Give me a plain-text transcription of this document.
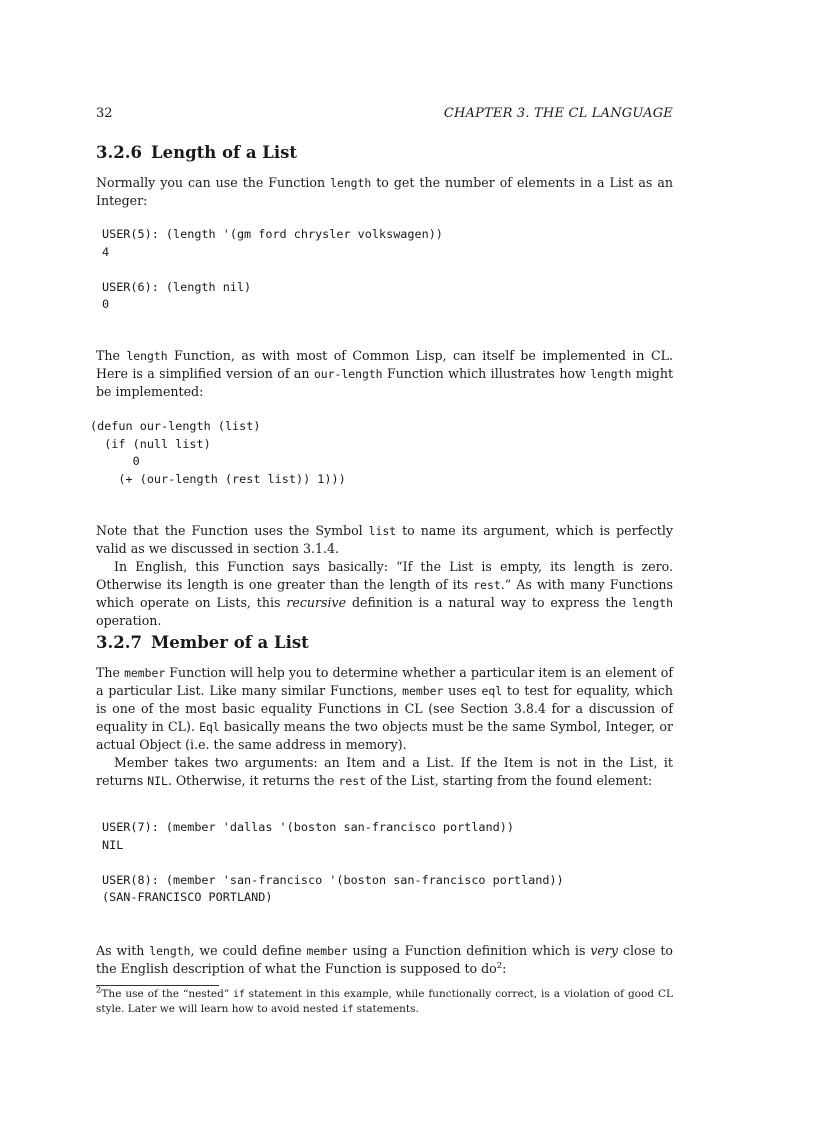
32	CHAPTER 3. THE CL LANGUAGE
3.2.6 Length of a List

Normally you can use the Function length to get the number of elements in a List as an Integer:

USER(5): (length '(gm ford chrysler volkswagen))
4

USER(6): (length nil)
0

The length Function, as with most of Common Lisp, can itself be implemented in CL. Here is a simplified version of an our-length Function which illustrates how length might be implemented:

(defun our-length (list)
(if (null list)
0
(+ (our-length (rest list)) 1)))

Note that the Function uses the Symbol list to name its argument, which is perfectly valid as we discussed in section 3.1.4.

In English, this Function says basically: “If the List is empty, its length is zero. Otherwise its length is one greater than the length of its rest.” As with many Functions which operate on Lists, this recursive definition is a natural way to express the length operation.

3.2.7 Member of a List

The member Function will help you to determine whether a particular item is an element of a particular List. Like many similar Functions, member uses eql to test for equality, which is one of the most basic equality Functions in CL (see Section 3.8.4 for a discussion of equality in CL). Eql basically means the two objects must be the same Symbol, Integer, or actual Object (i.e. the same address in memory).

Member takes two arguments: an Item and a List. If the Item is not in the List, it returns NIL. Otherwise, it returns the rest of the List, starting from the found element:

USER(7): (member 'dallas '(boston san-francisco portland))
NIL

USER(8): (member 'san-francisco '(boston san-francisco portland))
(SAN-FRANCISCO PORTLAND)

As with length, we could define member using a Function definition which is very close to the English description of what the Function is supposed to $do^2$:

$^2$The use of the “nested” if statement in this example, while functionally correct, is a violation of good CL style. Later we will learn how to avoid nested if statements.
